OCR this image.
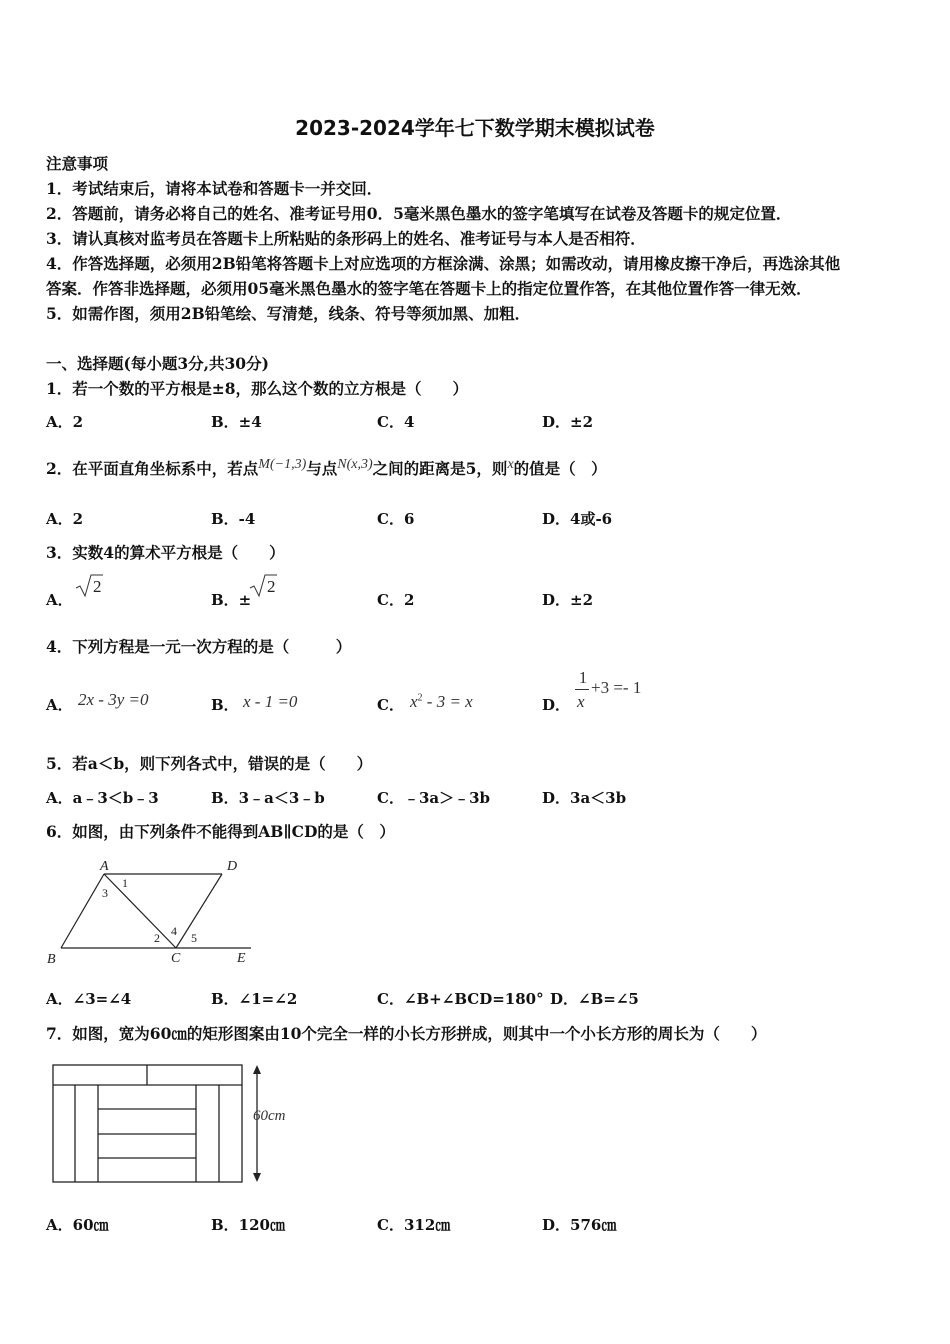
2023-2024学年七下数学期末模拟试卷
注意事项
1．考试结束后，请将本试卷和答题卡一并交回．
2．答题前，请务必将自己的姓名、准考证号用0．5毫米黑色墨水的签字笔填写在试卷及答题卡的规定位置．
3．请认真核对监考员在答题卡上所粘贴的条形码上的姓名、准考证号与本人是否相符．
4．作答选择题，必须用2B铅笔将答题卡上对应选项的方框涂满、涂黑；如需改动，请用橡皮擦干净后，再选涂其他
答案．作答非选择题，必须用05毫米黑色墨水的签字笔在答题卡上的指定位置作答，在其他位置作答一律无效．
5．如需作图，须用2B铅笔绘、写清楚，线条、符号等须加黑、加粗．
一、选择题(每小题3分,共30分)
1．若一个数的平方根是±8，那么这个数的立方根是（　　）
A．2	B．±4	C．4	D．±2
2．在平面直角坐标系中，若点M(−1,3)与点N(x,3)之间的距离是5，则x的值是（　）
A．2	B．-4	C．6	D．4或-6
3．实数4的算术平方根是（　　）
A．
2
B．±
2
C．2	D．±2
4．下列方程是一元一次方程的是（　　　）
A． 2x - 3y =0	B． x - 1 =0	C． $x^2 - 3 = x$	D．
1
x
+3 =- 1
5．若a＜b，则下列各式中，错误的是（　　）
A．a﹣3＜b﹣3	B．3﹣a＜3﹣b	C．﹣3a＞﹣3b	D．3a＜3b
6．如图，由下列条件不能得到AB∥CD的是（　）
A	D
B	C	E
1
2
3
4 5
A．∠3=∠4	B．∠1=∠2	C．∠B+∠BCD=180° D．∠B=∠5
7．如图，宽为60㎝的矩形图案由10个完全一样的小长方形拼成，则其中一个小长方形的周长为（　　）
60cm
A．60㎝	B．120㎝	C．312㎝	D．576㎝
